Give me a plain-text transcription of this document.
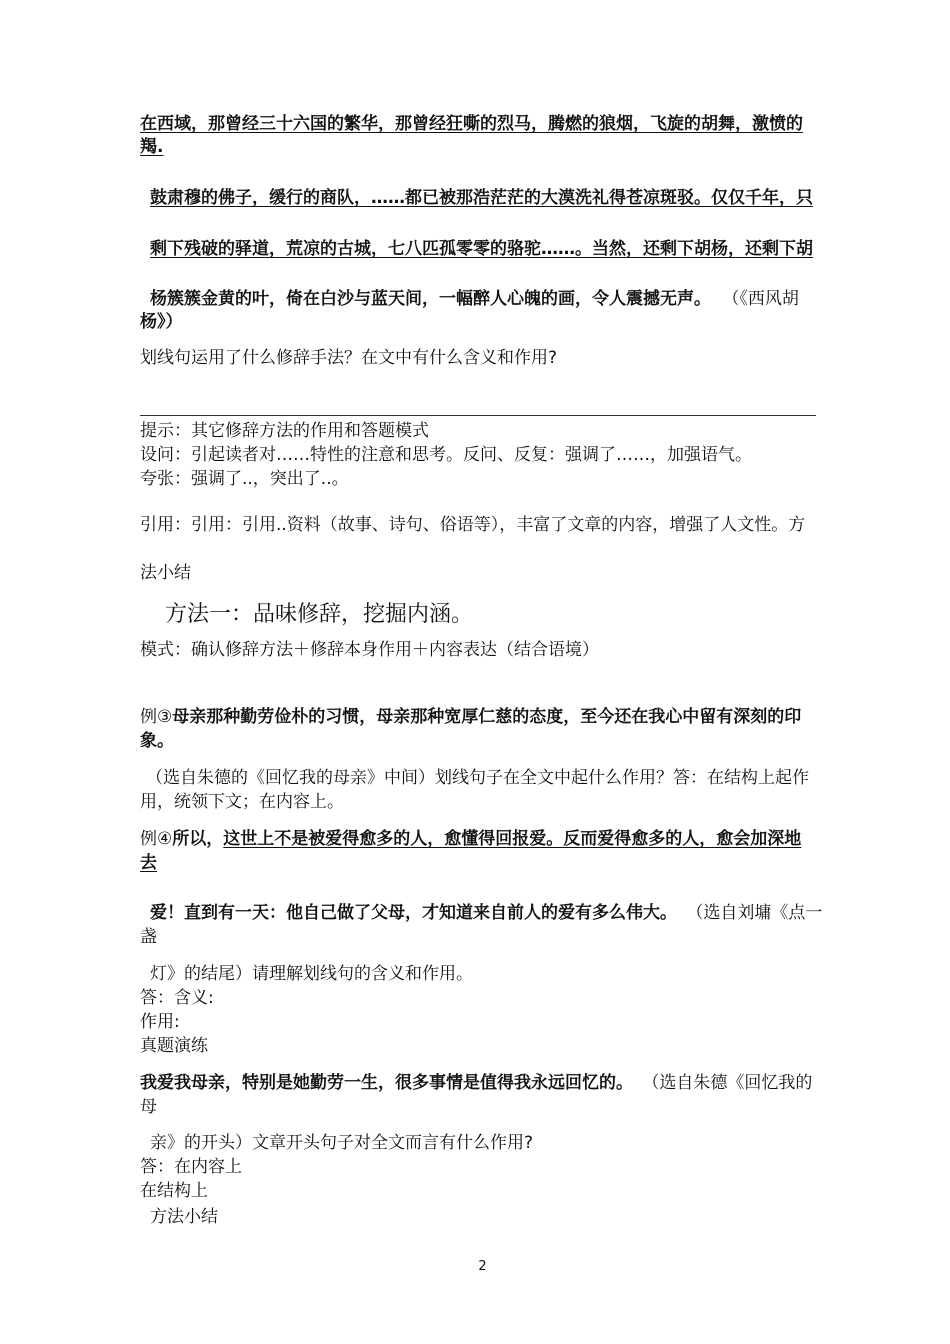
在西域，那曾经三十六国的繁华，那曾经狂嘶的烈马，腾燃的狼烟，飞旋的胡舞，激愤的
羯.
鼓肃穆的佛子，缓行的商队，……都已被那浩茫茫的大漠洗礼得苍凉斑驳。仅仅千年，只
剩下残破的驿道，荒凉的古城，七八匹孤零零的骆驼……。当然，还剩下胡杨，还剩下胡
杨簇簇金黄的叶，倚在白沙与蓝天间，一幅醉人心魄的画，令人震撼无声。 （《西风胡
杨》）
划线句运用了什么修辞手法？在文中有什么含义和作用?
提示：其它修辞方法的作用和答题模式
设问：引起读者对……特性的注意和思考。反问、反复：强调了……，加强语气。
夸张：强调了..，突出了..。
引用：引用：引用..资料（故事、诗句、俗语等），丰富了文章的内容，增强了人文性。方
法小结
方法一：品味修辞，挖掘内涵。
模式：确认修辞方法＋修辞本身作用＋内容表达（结合语境）
例③母亲那种勤劳俭朴的习惯，母亲那种宽厚仁慈的态度，至今还在我心中留有深刻的印
象。
（选自朱德的《回忆我的母亲》中间）划线句子在全文中起什么作用？答：在结构上起作
用，统领下文；在内容上。
例④所以，这世上不是被爱得愈多的人，愈懂得回报爱。反而爱得愈多的人，愈会加深地
去
爱！直到有一天：他自己做了父母，才知道来自前人的爱有多么伟大。 （选自刘墉《点一
盏
灯》的结尾）请理解划线句的含义和作用。
答：含义:
作用:
真题演练
我爱我母亲，特别是她勤劳一生，很多事情是值得我永远回忆的。 （选自朱德《回忆我的
母
亲》的开头）文章开头句子对全文而言有什么作用?
答：在内容上
在结构上
方法小结
2
